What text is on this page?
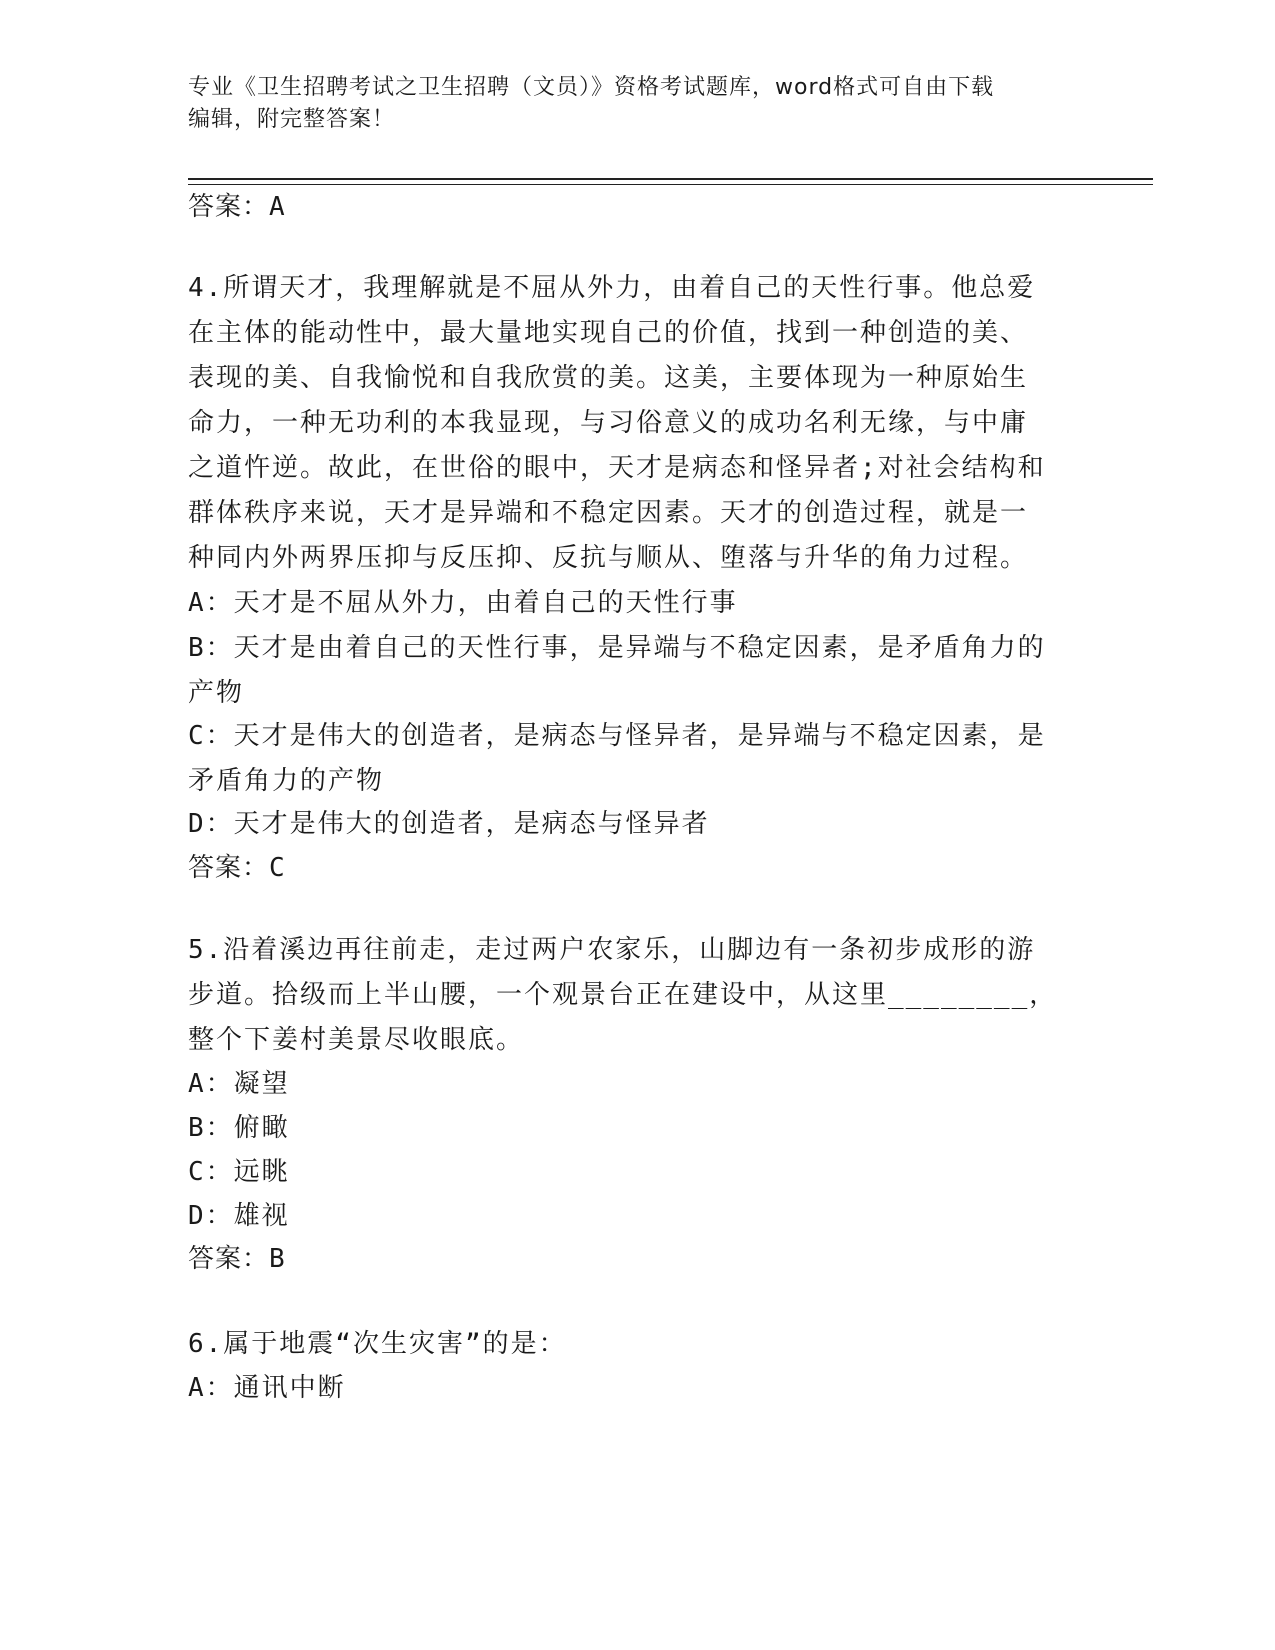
专业《卫生招聘考试之卫生招聘（文员）》资格考试题库，word格式可自由下载
编辑，附完整答案！
答案：A
4.所谓天才，我理解就是不屈从外力，由着自己的天性行事。他总爱
在主体的能动性中，最大量地实现自己的价值，找到一种创造的美、
表现的美、自我愉悦和自我欣赏的美。这美，主要体现为一种原始生
命力，一种无功利的本我显现，与习俗意义的成功名利无缘，与中庸
之道忤逆。故此，在世俗的眼中，天才是病态和怪异者;对社会结构和
群体秩序来说，天才是异端和不稳定因素。天才的创造过程，就是一
种同内外两界压抑与反压抑、反抗与顺从、堕落与升华的角力过程。
A：天才是不屈从外力，由着自己的天性行事
B：天才是由着自己的天性行事，是异端与不稳定因素，是矛盾角力的
产物
C：天才是伟大的创造者，是病态与怪异者，是异端与不稳定因素，是
矛盾角力的产物
D：天才是伟大的创造者，是病态与怪异者
答案：C
5.沿着溪边再往前走，走过两户农家乐，山脚边有一条初步成形的游
步道。拾级而上半山腰，一个观景台正在建设中，从这里________，
整个下姜村美景尽收眼底。
A：凝望
B：俯瞰
C：远眺
D：雄视
答案：B
6.属于地震“次生灾害”的是：
A：通讯中断
